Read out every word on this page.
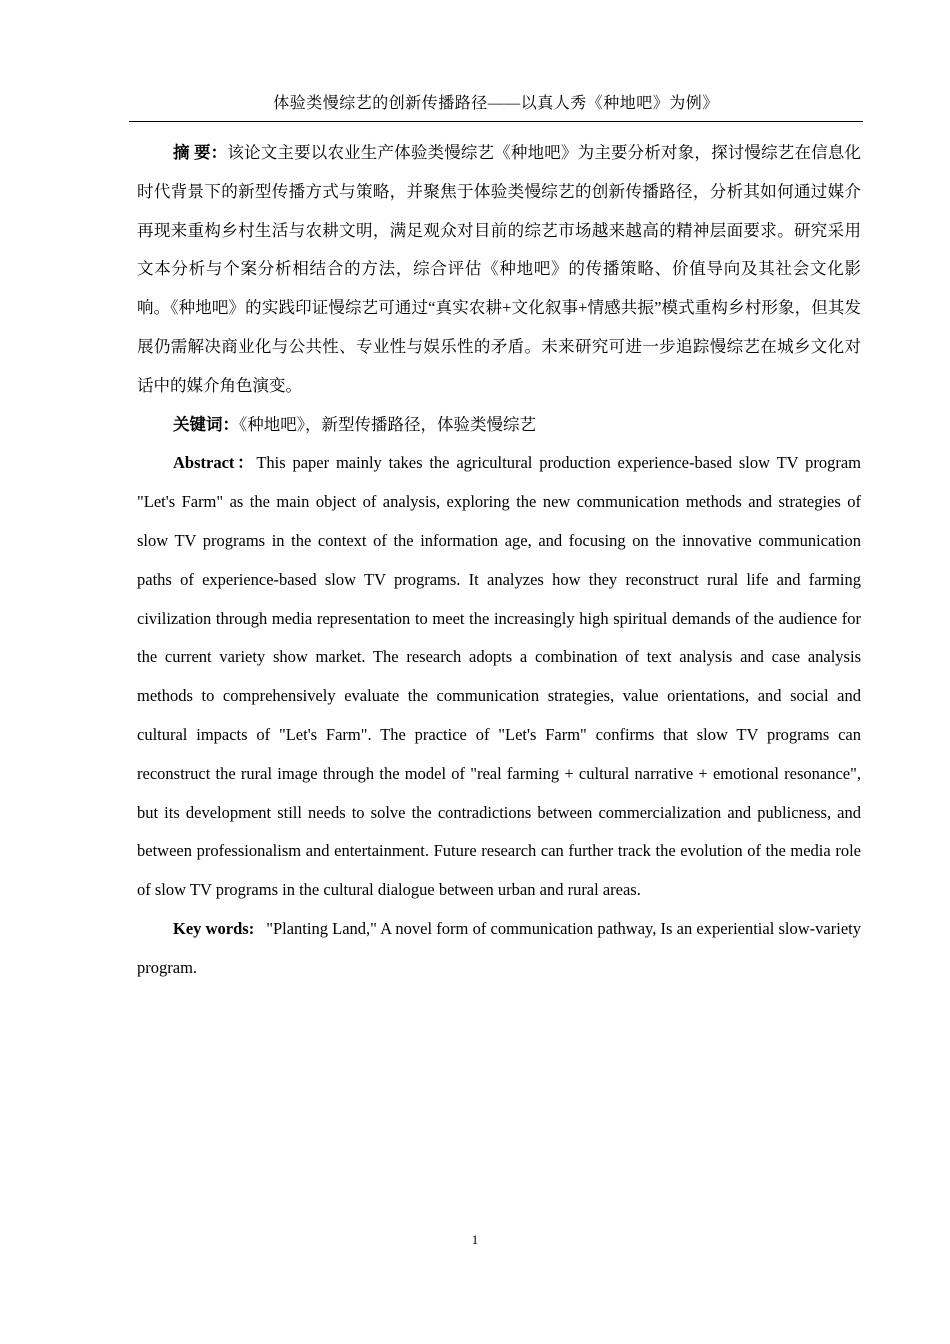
体验类慢综艺的创新传播路径——以真人秀《种地吧》为例》

摘 要：该论文主要以农业生产体验类慢综艺《种地吧》为主要分析对象，探讨慢综艺在信息化时代背景下的新型传播方式与策略，并聚焦于体验类慢综艺的创新传播路径，分析其如何通过媒介再现来重构乡村生活与农耕文明，满足观众对目前的综艺市场越来越高的精神层面要求。研究采用文本分析与个案分析相结合的方法，综合评估《种地吧》的传播策略、价值导向及其社会文化影响。《种地吧》的实践印证慢综艺可通过“真实农耕+文化叙事+情感共振”模式重构乡村形象，但其发展仍需解决商业化与公共性、专业性与娱乐性的矛盾。未来研究可进一步追踪慢综艺在城乡文化对话中的媒介角色演变。

关键词：《种地吧》，新型传播路径，体验类慢综艺

Abstract：This paper mainly takes the agricultural production experience-based slow TV program "Let's Farm" as the main object of analysis, exploring the new communication methods and strategies of slow TV programs in the context of the information age, and focusing on the innovative communication paths of experience-based slow TV programs. It analyzes how they reconstruct rural life and farming civilization through media representation to meet the increasingly high spiritual demands of the audience for the current variety show market. The research adopts a combination of text analysis and case analysis methods to comprehensively evaluate the communication strategies, value orientations, and social and cultural impacts of "Let's Farm". The practice of "Let's Farm" confirms that slow TV programs can reconstruct the rural image through the model of "real farming + cultural narrative + emotional resonance", but its development still needs to solve the contradictions between commercialization and publicness, and between professionalism and entertainment. Future research can further track the evolution of the media role of slow TV programs in the cultural dialogue between urban and rural areas.

Key words: "Planting Land," A novel form of communication pathway, Is an experiential slow-variety program.

1
